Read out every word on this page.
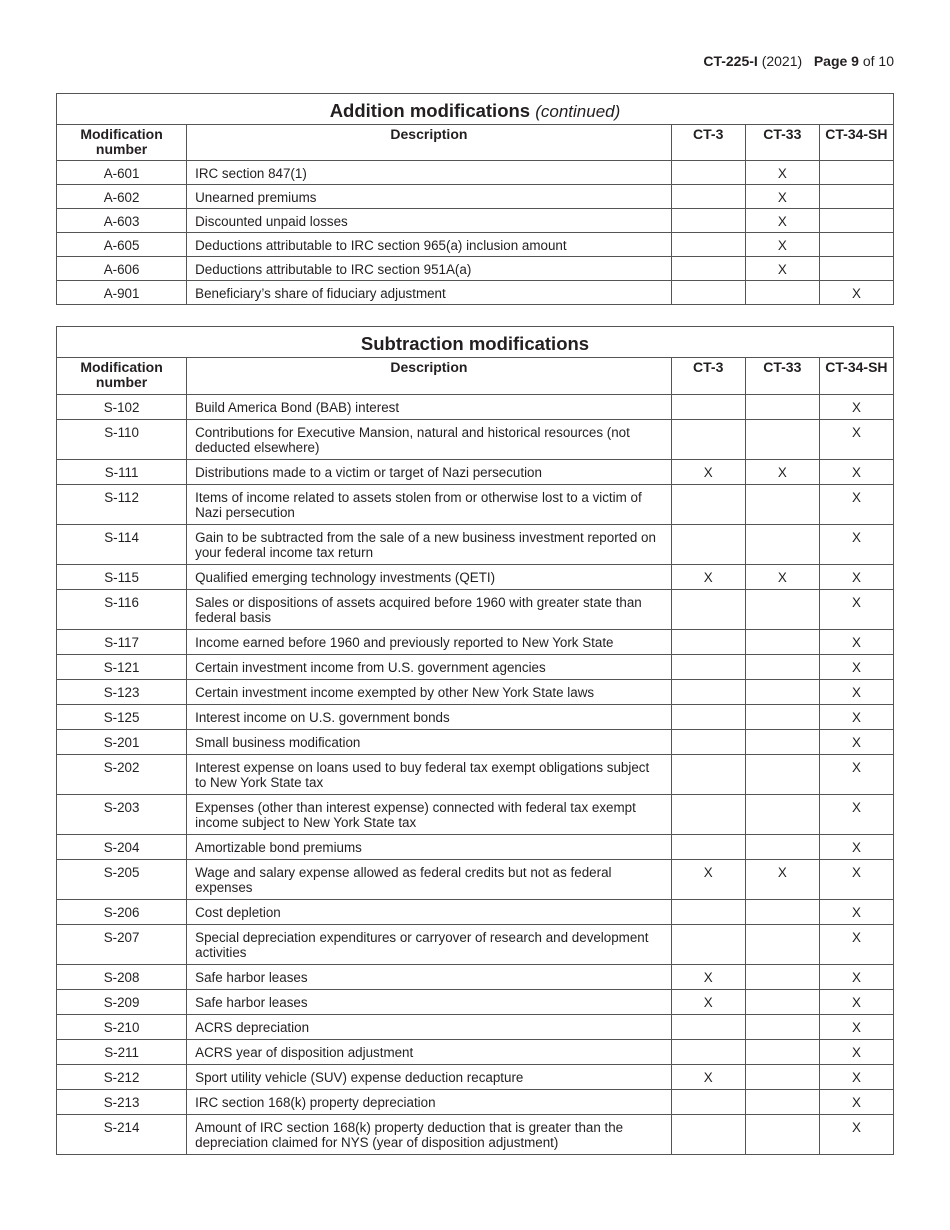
CT-225-I (2021) Page 9 of 10
Addition modifications (continued)				
Modification
number	Description	CT-3	CT-33	CT-34-SH
A-601	IRC section 847(1)		X	
A-602	Unearned premiums		X	
A-603	Discounted unpaid losses		X	
A-605	Deductions attributable to IRC section 965(a) inclusion amount		X	
A-606	Deductions attributable to IRC section 951A(a)		X	
A-901	Beneficiary’s share of fiduciary adjustment			X
Subtraction modifications				
Modification
number	Description	CT-3	CT-33	CT-34-SH
S-102	Build America Bond (BAB) interest			X
S-110	Contributions for Executive Mansion, natural and historical resources (not deducted elsewhere)			X
S-111	Distributions made to a victim or target of Nazi persecution	X	X	X
S-112	Items of income related to assets stolen from or otherwise lost to a victim of Nazi persecution			X
S-114	Gain to be subtracted from the sale of a new business investment reported on your federal income tax return			X
S-115	Qualified emerging technology investments (QETI)	X	X	X
S-116	Sales or dispositions of assets acquired before 1960 with greater state than federal basis			X
S-117	Income earned before 1960 and previously reported to New York State			X
S-121	Certain investment income from U.S. government agencies			X
S-123	Certain investment income exempted by other New York State laws			X
S-125	Interest income on U.S. government bonds			X
S-201	Small business modification			X
S-202	Interest expense on loans used to buy federal tax exempt obligations subject to New York State tax			X
S-203	Expenses (other than interest expense) connected with federal tax exempt income subject to New York State tax			X
S-204	Amortizable bond premiums			X
S-205	Wage and salary expense allowed as federal credits but not as federal expenses	X	X	X
S-206	Cost depletion			X
S-207	Special depreciation expenditures or carryover of research and development activities			X
S-208	Safe harbor leases	X		X
S-209	Safe harbor leases	X		X
S-210	ACRS depreciation			X
S-211	ACRS year of disposition adjustment			X
S-212	Sport utility vehicle (SUV) expense deduction recapture	X		X
S-213	IRC section 168(k) property depreciation			X
S-214	Amount of IRC section 168(k) property deduction that is greater than the depreciation claimed for NYS (year of disposition adjustment)			X
